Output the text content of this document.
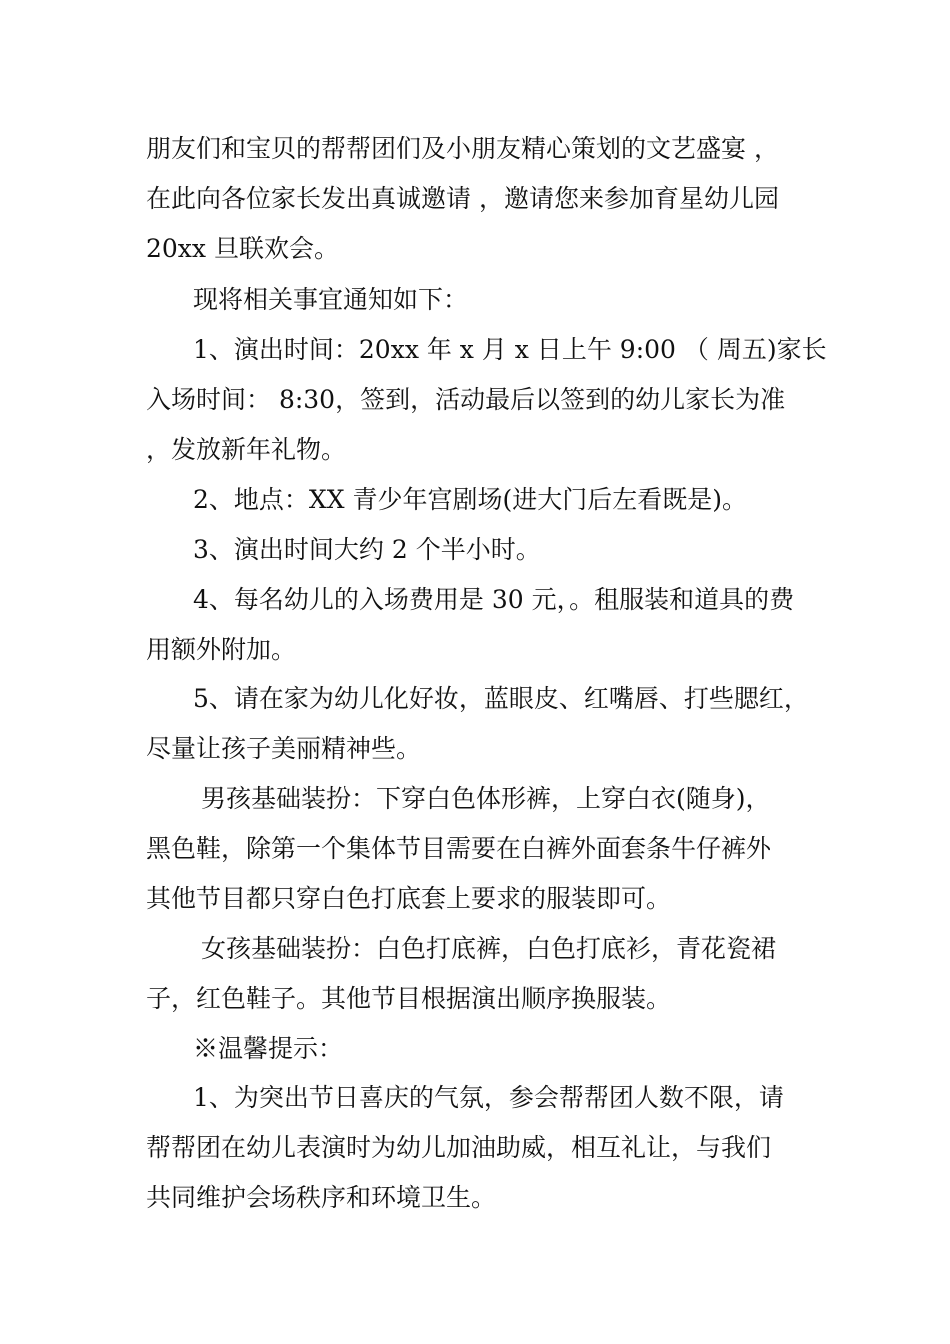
朋友们和宝贝的帮帮团们及小朋友精心策划的文艺盛宴 ，
在此向各位家长发出真诚邀请 ，邀请您来参加育星幼儿园
20xx 旦联欢会。
现将相关事宜通知如下：
1、演出时间：20xx 年 x 月 x 日上午 9:00 （ 周五)家长
入场时间： 8:30，签到，活动最后以签到的幼儿家长为准
，发放新年礼物。
2、地点：XX 青少年宫剧场(进大门后左看既是)。
3、演出时间大约 2 个半小时。
4、每名幼儿的入场费用是 30 元，。租服装和道具的费
用额外附加。
5、请在家为幼儿化好妆，蓝眼皮、红嘴唇、打些腮红，
尽量让孩子美丽精神些。
男孩基础装扮：下穿白色体形裤，上穿白衣(随身)，
黑色鞋，除第一个集体节目需要在白裤外面套条牛仔裤外
其他节目都只穿白色打底套上要求的服装即可。
女孩基础装扮：白色打底裤，白色打底衫，青花瓷裙
子，红色鞋子。其他节目根据演出顺序换服装。
※温馨提示：
1、为突出节日喜庆的气氛，参会帮帮团人数不限，请
帮帮团在幼儿表演时为幼儿加油助威，相互礼让，与我们
共同维护会场秩序和环境卫生。
